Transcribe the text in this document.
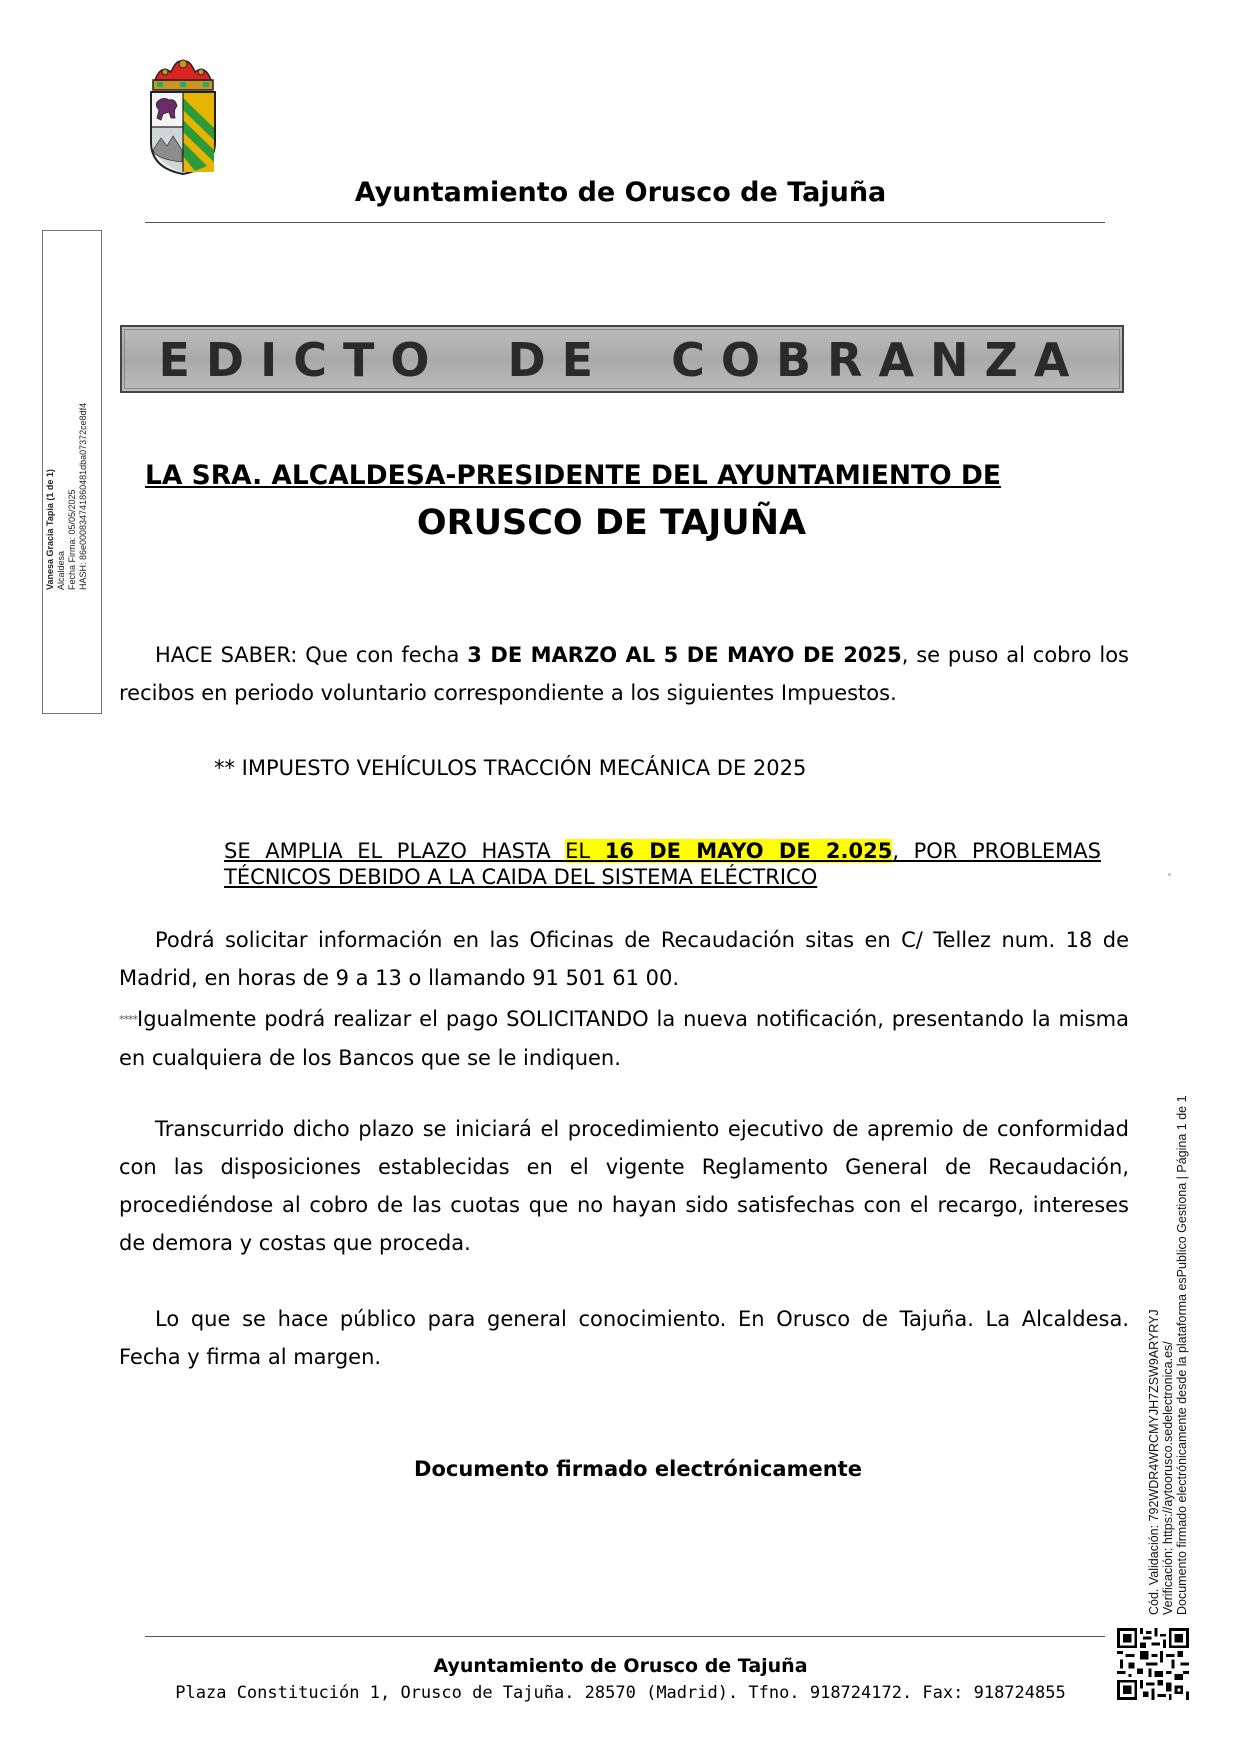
Ayuntamiento de Orusco de Tajuña
Vanesa Gracia Tapia (1 de 1) Alcaldesa Fecha Firma: 05/05/2025 HASH: 86e000834741860481dba07372ce8df4
EDICTO DE COBRANZA
LA SRA. ALCALDESA-PRESIDENTE DEL AYUNTAMIENTO DE
ORUSCO DE TAJUÑA
HACE SABER: Que con fecha 3 DE MARZO AL 5 DE MAYO DE 2025, se puso al cobro los recibos en periodo voluntario correspondiente a los siguientes Impuestos.
** IMPUESTO VEHÍCULOS TRACCIÓN MECÁNICA DE 2025
SE AMPLIA EL PLAZO HASTA EL 16 DE MAYO DE 2.025, POR PROBLEMAS TÉCNICOS DEBIDO A LA CAIDA DEL SISTEMA ELÉCTRICO
Podrá solicitar información en las Oficinas de Recaudación sitas en C/ Tellez num. 18 de Madrid, en horas de 9 a 13 o llamando 91 501 61 00.
****Igualmente podrá realizar el pago SOLICITANDO la nueva notificación, presentando la misma en cualquiera de los Bancos que se le indiquen.
Transcurrido dicho plazo se iniciará el procedimiento ejecutivo de apremio de conformidad con las disposiciones establecidas en el vigente Reglamento General de Recaudación, procediéndose al cobro de las cuotas que no hayan sido satisfechas con el recargo, intereses de demora y costas que proceda.
Lo que se hace público para general conocimiento. En Orusco de Tajuña. La Alcaldesa. Fecha y firma al margen.
Documento firmado electrónicamente
Ayuntamiento de Orusco de Tajuña
Plaza Constitución 1, Orusco de Tajuña. 28570 (Madrid). Tfno. 918724172. Fax: 918724855
Cód. Validación: 792WDR4WRCMYJH7ZSW9ARYRYJ Verificación: https://aytoorusco.sedelectronica.es/ Documento firmado electrónicamente desde la plataforma esPublico Gestiona | Página 1 de 1
